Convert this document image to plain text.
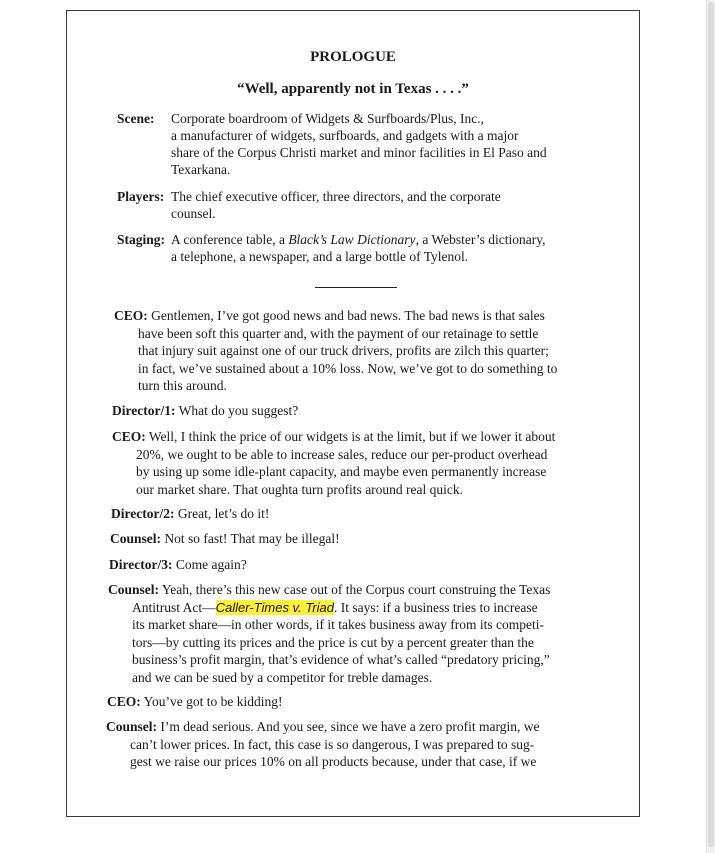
PROLOGUE
“Well, apparently not in Texas . . . .”
Scene: Corporate boardroom of Widgets & Surfboards/Plus, Inc.,
a manufacturer of widgets, surfboards, and gadgets with a major
share of the Corpus Christi market and minor facilities in El Paso and
Texarkana.
Players: The chief executive officer, three directors, and the corporate
counsel.
Staging: A conference table, a Black’s Law Dictionary, a Webster’s dictionary,
a telephone, a newspaper, and a large bottle of Tylenol.
CEO: Gentlemen, I’ve got good news and bad news. The bad news is that sales
have been soft this quarter and, with the payment of our retainage to settle
that injury suit against one of our truck drivers, profits are zilch this quarter;
in fact, we’ve sustained about a 10% loss. Now, we’ve got to do something to
turn this around.
Director/1: What do you suggest?
CEO: Well, I think the price of our widgets is at the limit, but if we lower it about
20%, we ought to be able to increase sales, reduce our per-product overhead
by using up some idle-plant capacity, and maybe even permanently increase
our market share. That oughta turn profits around real quick.
Director/2: Great, let’s do it!
Counsel: Not so fast! That may be illegal!
Director/3: Come again?
Counsel: Yeah, there’s this new case out of the Corpus court construing the Texas
Antitrust Act—Caller-Times v. Triad. It says: if a business tries to increase
its market share—in other words, if it takes business away from its competi-
tors—by cutting its prices and the price is cut by a percent greater than the
business’s profit margin, that’s evidence of what’s called “predatory pricing,”
and we can be sued by a competitor for treble damages.
CEO: You’ve got to be kidding!
Counsel: I’m dead serious. And you see, since we have a zero profit margin, we
can’t lower prices. In fact, this case is so dangerous, I was prepared to sug-
gest we raise our prices 10% on all products because, under that case, if we
